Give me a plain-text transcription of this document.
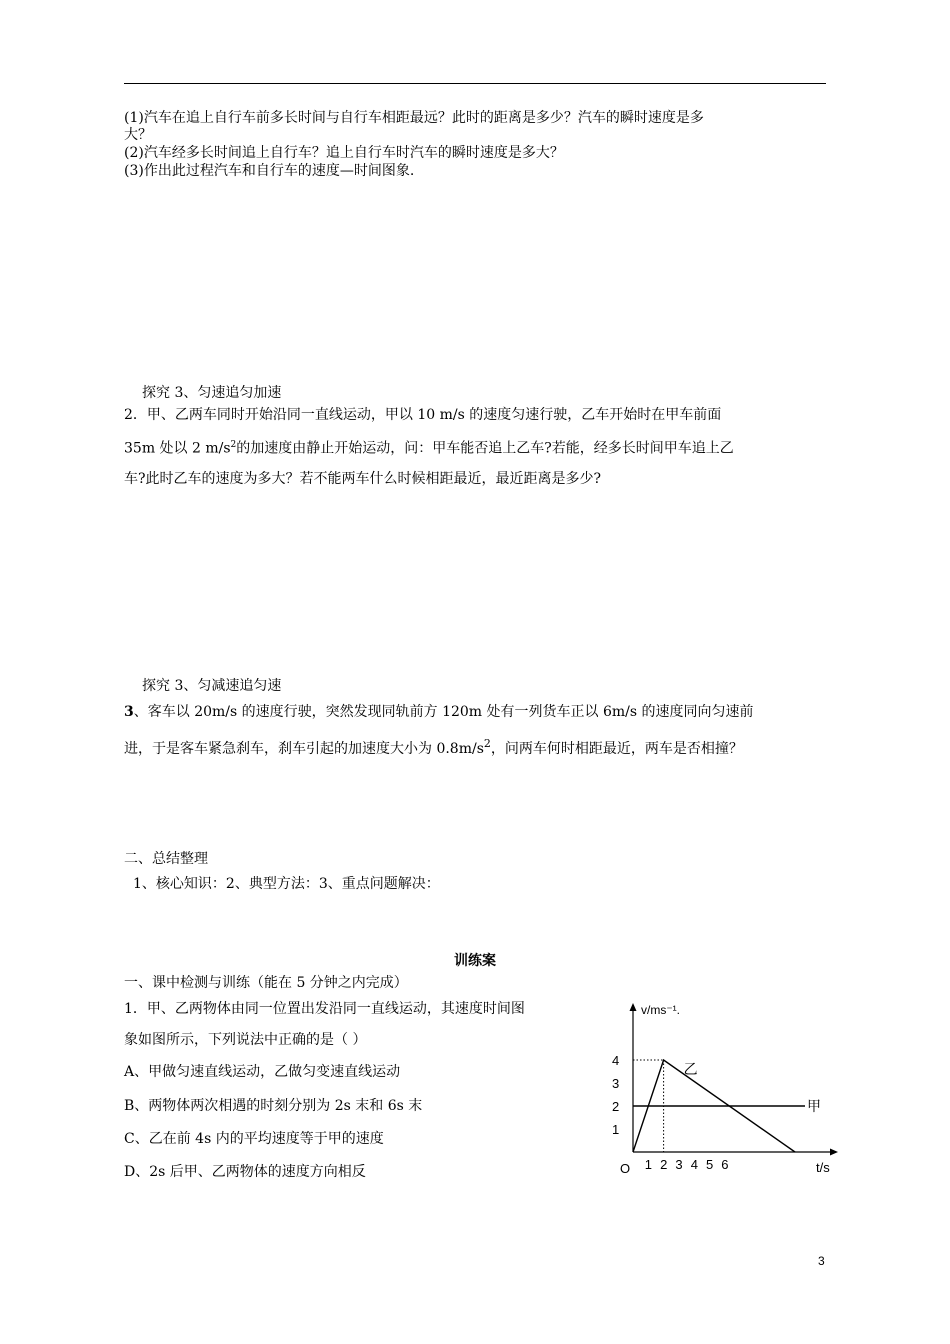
(1)汽车在追上自行车前多长时间与自行车相距最远？此时的距离是多少？汽车的瞬时速度是多
大？
(2)汽车经多长时间追上自行车？追上自行车时汽车的瞬时速度是多大？
(3)作出此过程汽车和自行车的速度—时间图象.
探究 3、匀速追匀加速
2．甲、乙两车同时开始沿同一直线运动，甲以 10 m/s 的速度匀速行驶，乙车开始时在甲车前面
35m 处以 2 $m/s^2$的加速度由静止开始运动，问：甲车能否追上乙车?若能，经多长时间甲车追上乙
车?此时乙车的速度为多大？若不能两车什么时候相距最近，最近距离是多少?
探究 3、匀减速追匀速
3、客车以 20m/s 的速度行驶，突然发现同轨前方 120m 处有一列货车正以 6m/s 的速度同向匀速前
进，于是客车紧急刹车，刹车引起的加速度大小为 $0.8m/s^2$，问两车何时相距最近，两车是否相撞？
二、总结整理
1、核心知识：2、典型方法：3、重点问题解决：
训练案
一、课中检测与训练（能在 5 分钟之内完成）
1．甲、乙两物体由同一位置出发沿同一直线运动，其速度时间图
象如图所示，下列说法中正确的是（ ）
A、甲做匀速直线运动，乙做匀变速直线运动
B、两物体两次相遇的时刻分别为 2s 末和 6s 末
C、乙在前 4s 内的平均速度等于甲的速度
D、2s 后甲、乙两物体的速度方向相反
v/ms⁻¹.
t/s
O 1 2 3 4 5 6
1
2
3
4
乙
甲
3
